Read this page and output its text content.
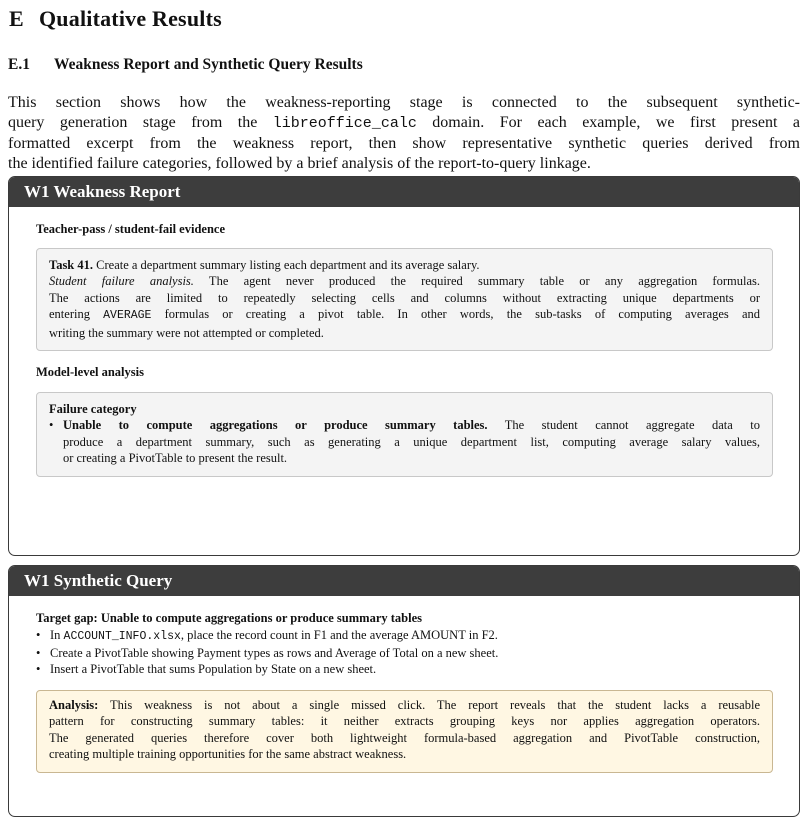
E Qualitative Results
E.1 Weakness Report and Synthetic Query Results

This section shows how the weakness-reporting stage is connected to the subsequent synthetic-
query generation stage from the libreoffice_calc domain. For each example, we first present a
formatted excerpt from the weakness report, then show representative synthetic queries derived from
the identified failure categories, followed by a brief analysis of the report-to-query linkage.

W1 Weakness Report

Teacher-pass / student-fail evidence

Task 41. Create a department summary listing each department and its average salary.
Student failure analysis. The agent never produced the required summary table or any aggregation formulas.
The actions are limited to repeatedly selecting cells and columns without extracting unique departments or
entering AVERAGE formulas or creating a pivot table. In other words, the sub-tasks of computing averages and
writing the summary were not attempted or completed.

Model-level analysis

Failure category
• Unable to compute aggregations or produce summary tables. The student cannot aggregate data to
produce a department summary, such as generating a unique department list, computing average salary values,
or creating a PivotTable to present the result.
W1 Synthetic Query

Target gap: Unable to compute aggregations or produce summary tables

• In ACCOUNT_INFO.xlsx, place the record count in F1 and the average AMOUNT in F2.
• Create a PivotTable showing Payment types as rows and Average of Total on a new sheet.
• Insert a PivotTable that sums Population by State on a new sheet.
Analysis: This weakness is not about a single missed click. The report reveals that the student lacks a reusable
pattern for constructing summary tables: it neither extracts grouping keys nor applies aggregation operators.
The generated queries therefore cover both lightweight formula-based aggregation and PivotTable construction,
creating multiple training opportunities for the same abstract weakness.
